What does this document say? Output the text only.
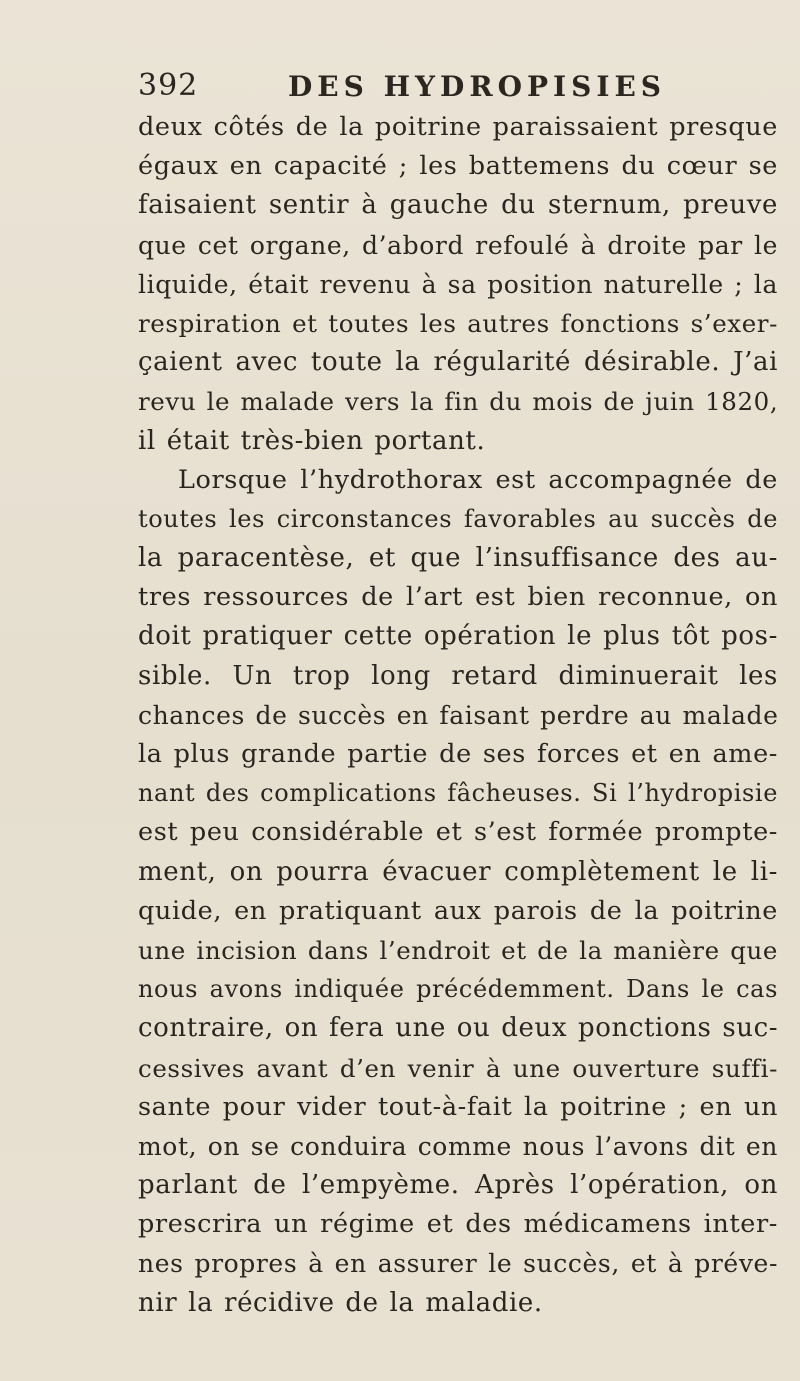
392	DES HYDROPISIES
deux côtés de la poitrine paraissaient presque
égaux en capacité ; les battemens du cœur se
faisaient sentir à gauche du sternum, preuve
que cet organe, d’abord refoulé à droite par le
liquide, était revenu à sa position naturelle ; la
respiration et toutes les autres fonctions s’exer-
çaient avec toute la régularité désirable. J’ai
revu le malade vers la fin du mois de juin 1820,
il était très-bien portant.
Lorsque l’hydrothorax est accompagnée de
toutes les circonstances favorables au succès de
la paracentèse, et que l’insuffisance des au-
tres ressources de l’art est bien reconnue, on
doit pratiquer cette opération le plus tôt pos-
sible. Un trop long retard diminuerait les
chances de succès en faisant perdre au malade
la plus grande partie de ses forces et en ame-
nant des complications fâcheuses. Si l’hydropisie
est peu considérable et s’est formée prompte-
ment, on pourra évacuer complètement le li-
quide, en pratiquant aux parois de la poitrine
une incision dans l’endroit et de la manière que
nous avons indiquée précédemment. Dans le cas
contraire, on fera une ou deux ponctions suc-
cessives avant d’en venir à une ouverture suffi-
sante pour vider tout-à-fait la poitrine ; en un
mot, on se conduira comme nous l’avons dit en
parlant de l’empyème. Après l’opération, on
prescrira un régime et des médicamens inter-
nes propres à en assurer le succès, et à préve-
nir la récidive de la maladie.
